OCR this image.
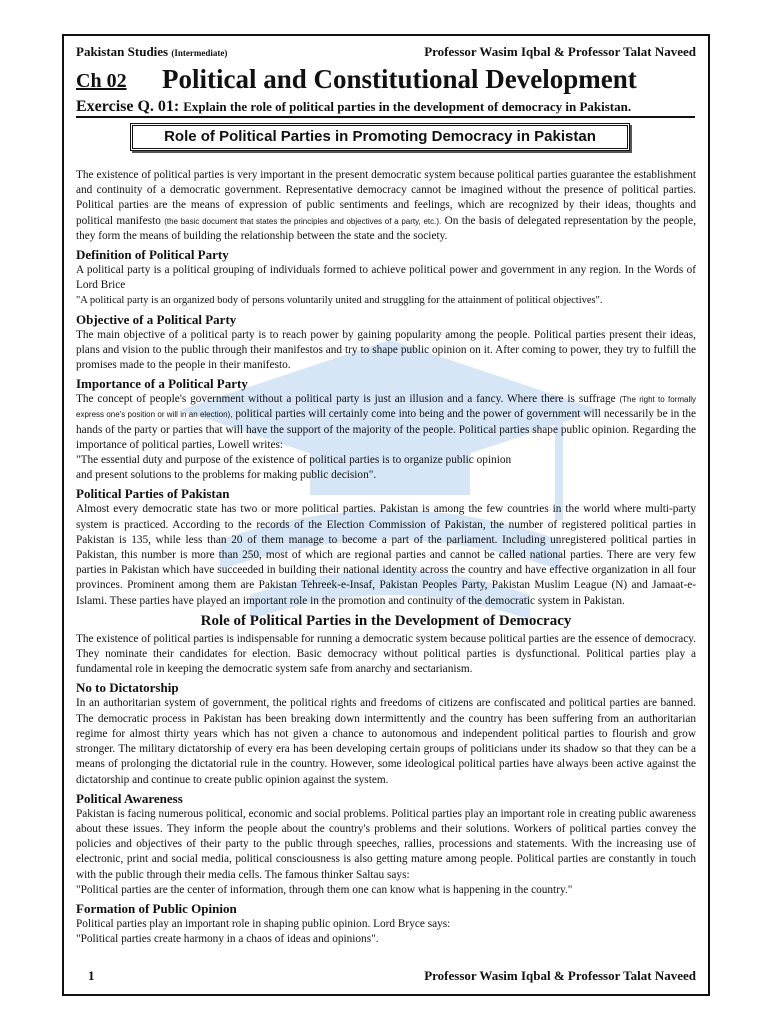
Pakistan Studies (Intermediate)	Professor Wasim Iqbal & Professor Talat Naveed
Ch 02 Political and Constitutional Development
Exercise Q. 01: Explain the role of political parties in the development of democracy in Pakistan.
Role of Political Parties in Promoting Democracy in Pakistan

The existence of political parties is very important in the present democratic system because political parties guarantee the establishment and continuity of a democratic government. Representative democracy cannot be imagined without the presence of political parties. Political parties are the means of expression of public sentiments and feelings, which are recognized by their ideas, thoughts and political manifesto (the basic document that states the principles and objectives of a party, etc.). On the basis of delegated representation by the people, they form the means of building the relationship between the state and the society.

Definition of Political Party

A political party is a political grouping of individuals formed to achieve political power and government in any region. In the Words of Lord Brice

"A political party is an organized body of persons voluntarily united and struggling for the attainment of political objectives".

Objective of a Political Party

The main objective of a political party is to reach power by gaining popularity among the people. Political parties present their ideas, plans and vision to the public through their manifestos and try to shape public opinion on it. After coming to power, they try to fulfill the promises made to the people in their manifesto.

Importance of a Political Party

The concept of people's government without a political party is just an illusion and a fancy. Where there is suffrage (The right to formally express one's position or will in an election), political parties will certainly come into being and the power of government will necessarily be in the hands of the party or parties that will have the support of the majority of the people. Political parties shape public opinion. Regarding the importance of political parties, Lowell writes:

"The essential duty and purpose of the existence of political parties is to organize public opinion

and present solutions to the problems for making public decision".

Political Parties of Pakistan

Almost every democratic state has two or more political parties. Pakistan is among the few countries in the world where multi-party system is practiced. According to the records of the Election Commission of Pakistan, the number of registered political parties in Pakistan is 135, while less than 20 of them manage to become a part of the parliament. Including unregistered political parties in Pakistan, this number is more than 250, most of which are regional parties and cannot be called national parties. There are very few parties in Pakistan which have succeeded in building their national identity across the country and have effective organization in all four provinces. Prominent among them are Pakistan Tehreek-e-Insaf, Pakistan Peoples Party, Pakistan Muslim League (N) and Jamaat-e-Islami. These parties have played an important role in the promotion and continuity of the democratic system in Pakistan.

Role of Political Parties in the Development of Democracy

The existence of political parties is indispensable for running a democratic system because political parties are the essence of democracy. They nominate their candidates for election. Basic democracy without political parties is dysfunctional. Political parties play a fundamental role in keeping the democratic system safe from anarchy and sectarianism.

No to Dictatorship

In an authoritarian system of government, the political rights and freedoms of citizens are confiscated and political parties are banned. The democratic process in Pakistan has been breaking down intermittently and the country has been suffering from an authoritarian regime for almost thirty years which has not given a chance to autonomous and independent political parties to flourish and grow stronger. The military dictatorship of every era has been developing certain groups of politicians under its shadow so that they can be a means of prolonging the dictatorial rule in the country. However, some ideological political parties have always been active against the dictatorship and continue to create public opinion against the system.

Political Awareness

Pakistan is facing numerous political, economic and social problems. Political parties play an important role in creating public awareness about these issues. They inform the people about the country's problems and their solutions. Workers of political parties convey the policies and objectives of their party to the public through speeches, rallies, processions and statements. With the increasing use of electronic, print and social media, political consciousness is also getting mature among people. Political parties are constantly in touch with the public through their media cells. The famous thinker Saltau says:

"Political parties are the center of information, through them one can know what is happening in the country."

Formation of Public Opinion

Political parties play an important role in shaping public opinion. Lord Bryce says:

"Political parties create harmony in a chaos of ideas and opinions".

1	Professor Wasim Iqbal & Professor Talat Naveed
